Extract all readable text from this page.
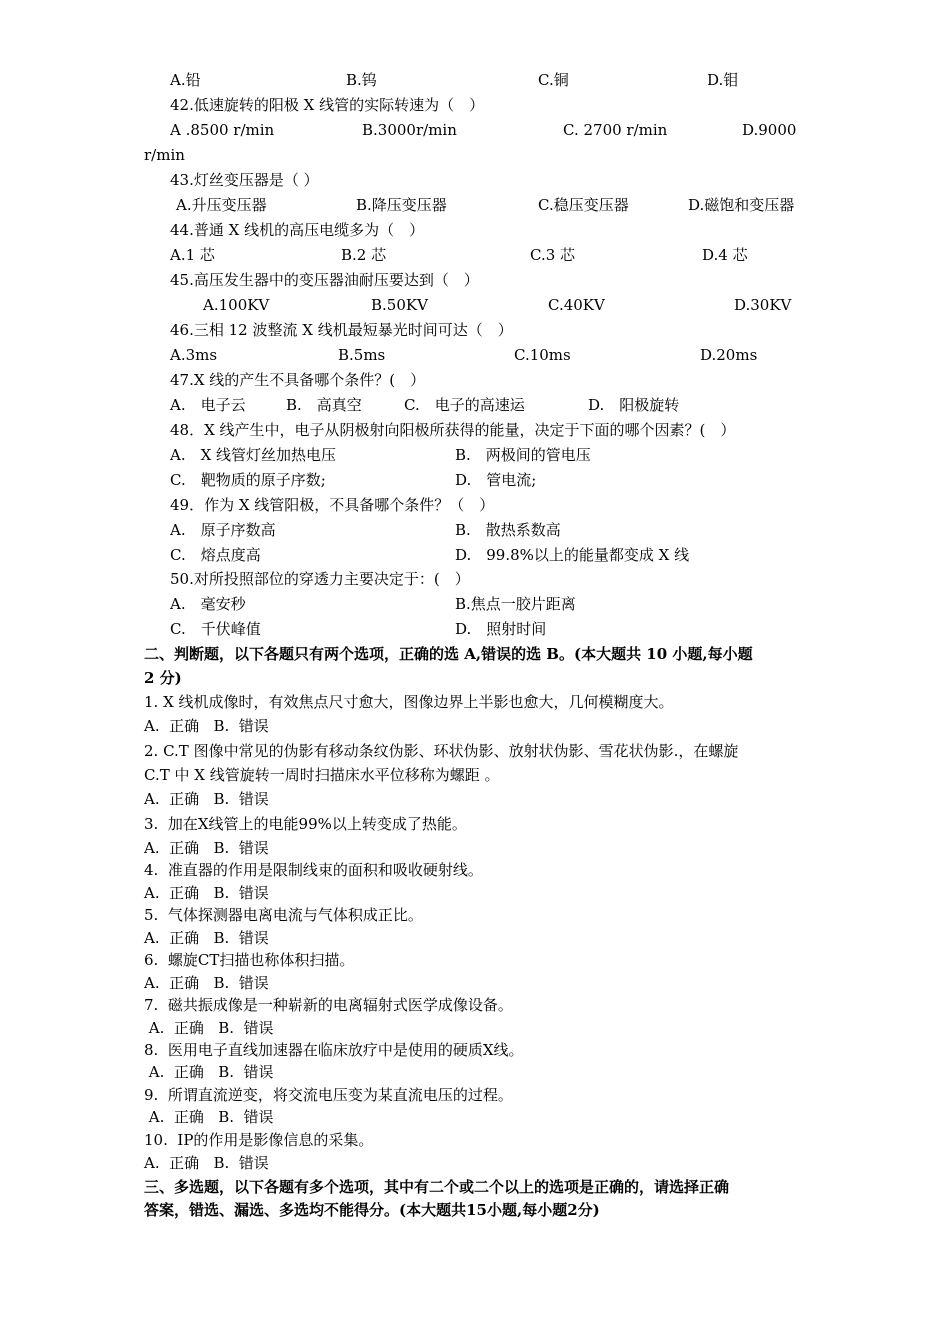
A.铅	B.钨	C.铜	D.钼
42.低速旋转的阳极 X 线管的实际转速为（　）
A .8500 r/min	B.3000r/min	C. 2700 r/min	D.9000
r/min
43.灯丝变压器是（ ）
A.升压变压器	B.降压变压器	C.稳压变压器	D.磁饱和变压器
44.普通 X 线机的高压电缆多为（　）
A.1 芯	B.2 芯	C.3 芯	D.4 芯
45.高压发生器中的变压器油耐压要达到（　）
A.100KV	B.50KV	C.40KV	D.30KV
46.三相 12 波整流 X 线机最短暴光时间可达（　）
A.3ms	B.5ms	C.10ms	D.20ms
47.X 线的产生不具备哪个条件？(　）
A.　电子云	B.　高真空	C.　电子的高速运	D.　阳极旋转
48．X 线产生中，电子从阴极射向阳极所获得的能量，决定于下面的哪个因素？(　）
A.　X 线管灯丝加热电压	B.　两极间的管电压
C.　靶物质的原子序数;	D.　管电流;
49．作为 X 线管阳极，不具备哪个条件？（　）
A.　原子序数高	B.　散热系数高
C.　熔点度高	D.　99.8%以上的能量都变成 X 线
50.对所投照部位的穿透力主要决定于：(　）
A.　毫安秒	B.焦点一胶片距离
C.　千伏峰值	D.　照射时间
二、判断题，以下各题只有两个选项，正确的选 A,错误的选 B。(本大题共 10 小题,每小题
2 分)
1. X 线机成像时，有效焦点尺寸愈大，图像边界上半影也愈大，几何模糊度大。
A.  正确   B.  错误
2. C.T 图像中常见的伪影有移动条纹伪影、环状伪影、放射状伪影、雪花状伪影.，在螺旋
C.T 中 X 线管旋转一周时扫描床水平位移称为螺距 。
A.  正确   B.  错误
3.  加在X线管上的电能99%以上转变成了热能。
A.  正确   B.  错误
4.  准直器的作用是限制线束的面积和吸收硬射线。
A.  正确   B.  错误
5.  气体探测器电离电流与气体积成正比。
A.  正确   B.  错误
6.  螺旋CT扫描也称体积扫描。
A.  正确   B.  错误
7.  磁共振成像是一种崭新的电离辐射式医学成像设备。
A.  正确   B.  错误
8.  医用电子直线加速器在临床放疗中是使用的硬质X线。
A.  正确   B.  错误
9.  所谓直流逆变，将交流电压变为某直流电压的过程。
A.  正确   B.  错误
10.  IP的作用是影像信息的采集。
A.  正确   B.  错误
三、多选题，以下各题有多个选项，其中有二个或二个以上的选项是正确的，请选择正确
答案，错选、漏选、多选均不能得分。(本大题共15小题,每小题2分)
